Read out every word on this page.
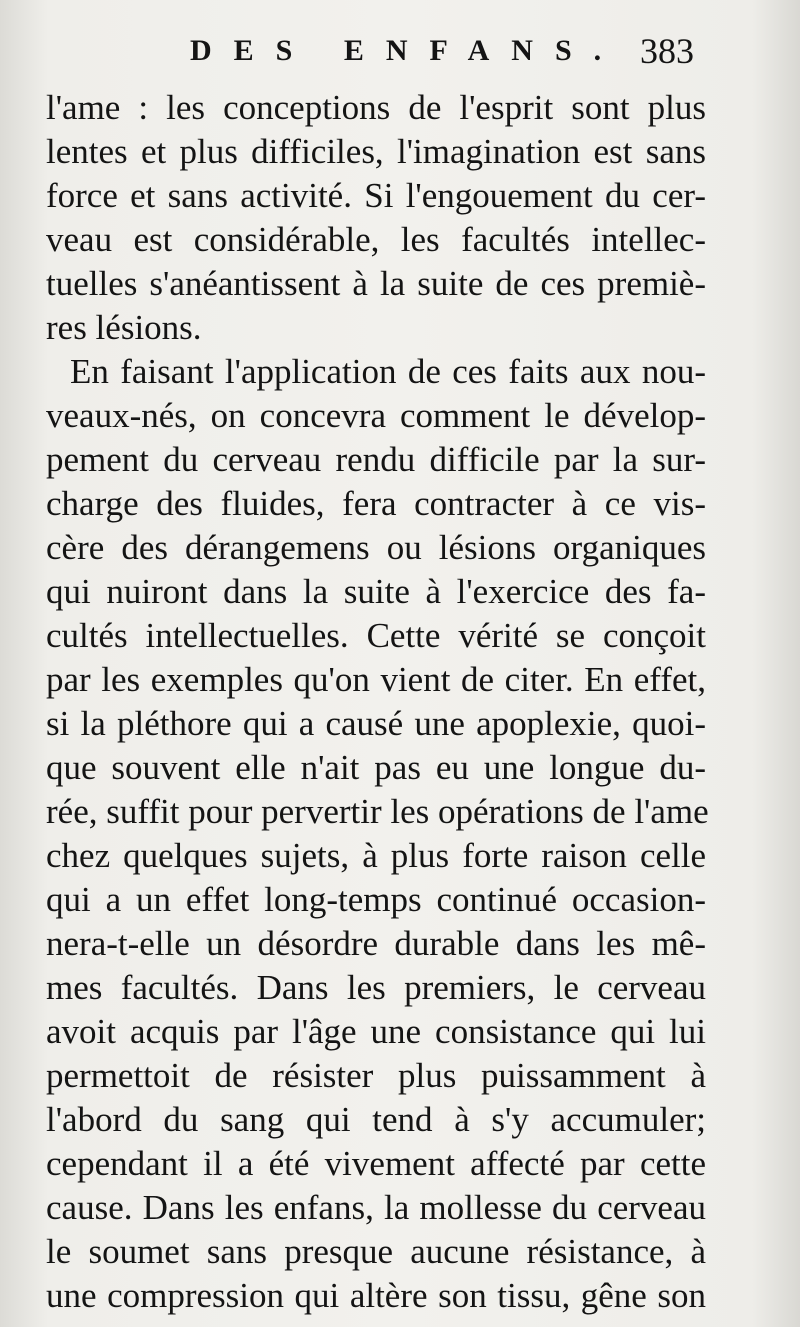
DES ENFANS. 383
l'ame : les conceptions de l'esprit sont plus
lentes et plus difficiles, l'imagination est sans
force et sans activité. Si l'engouement du cer-
veau est considérable, les facultés intellec-
tuelles s'anéantissent à la suite de ces premiè-
res lésions.
En faisant l'application de ces faits aux nou-
veaux-nés, on concevra comment le dévelop-
pement du cerveau rendu difficile par la sur-
charge des fluides, fera contracter à ce vis-
cère des dérangemens ou lésions organiques
qui nuiront dans la suite à l'exercice des fa-
cultés intellectuelles. Cette vérité se conçoit
par les exemples qu'on vient de citer. En effet,
si la pléthore qui a causé une apoplexie, quoi-
que souvent elle n'ait pas eu une longue du-
rée, suffit pour pervertir les opérations de l'ame
chez quelques sujets, à plus forte raison celle
qui a un effet long-temps continué occasion-
nera-t-elle un désordre durable dans les mê-
mes facultés. Dans les premiers, le cerveau
avoit acquis par l'âge une consistance qui lui
permettoit de résister plus puissamment à
l'abord du sang qui tend à s'y accumuler;
cependant il a été vivement affecté par cette
cause. Dans les enfans, la mollesse du cerveau
le soumet sans presque aucune résistance, à
une compression qui altère son tissu, gêne son
